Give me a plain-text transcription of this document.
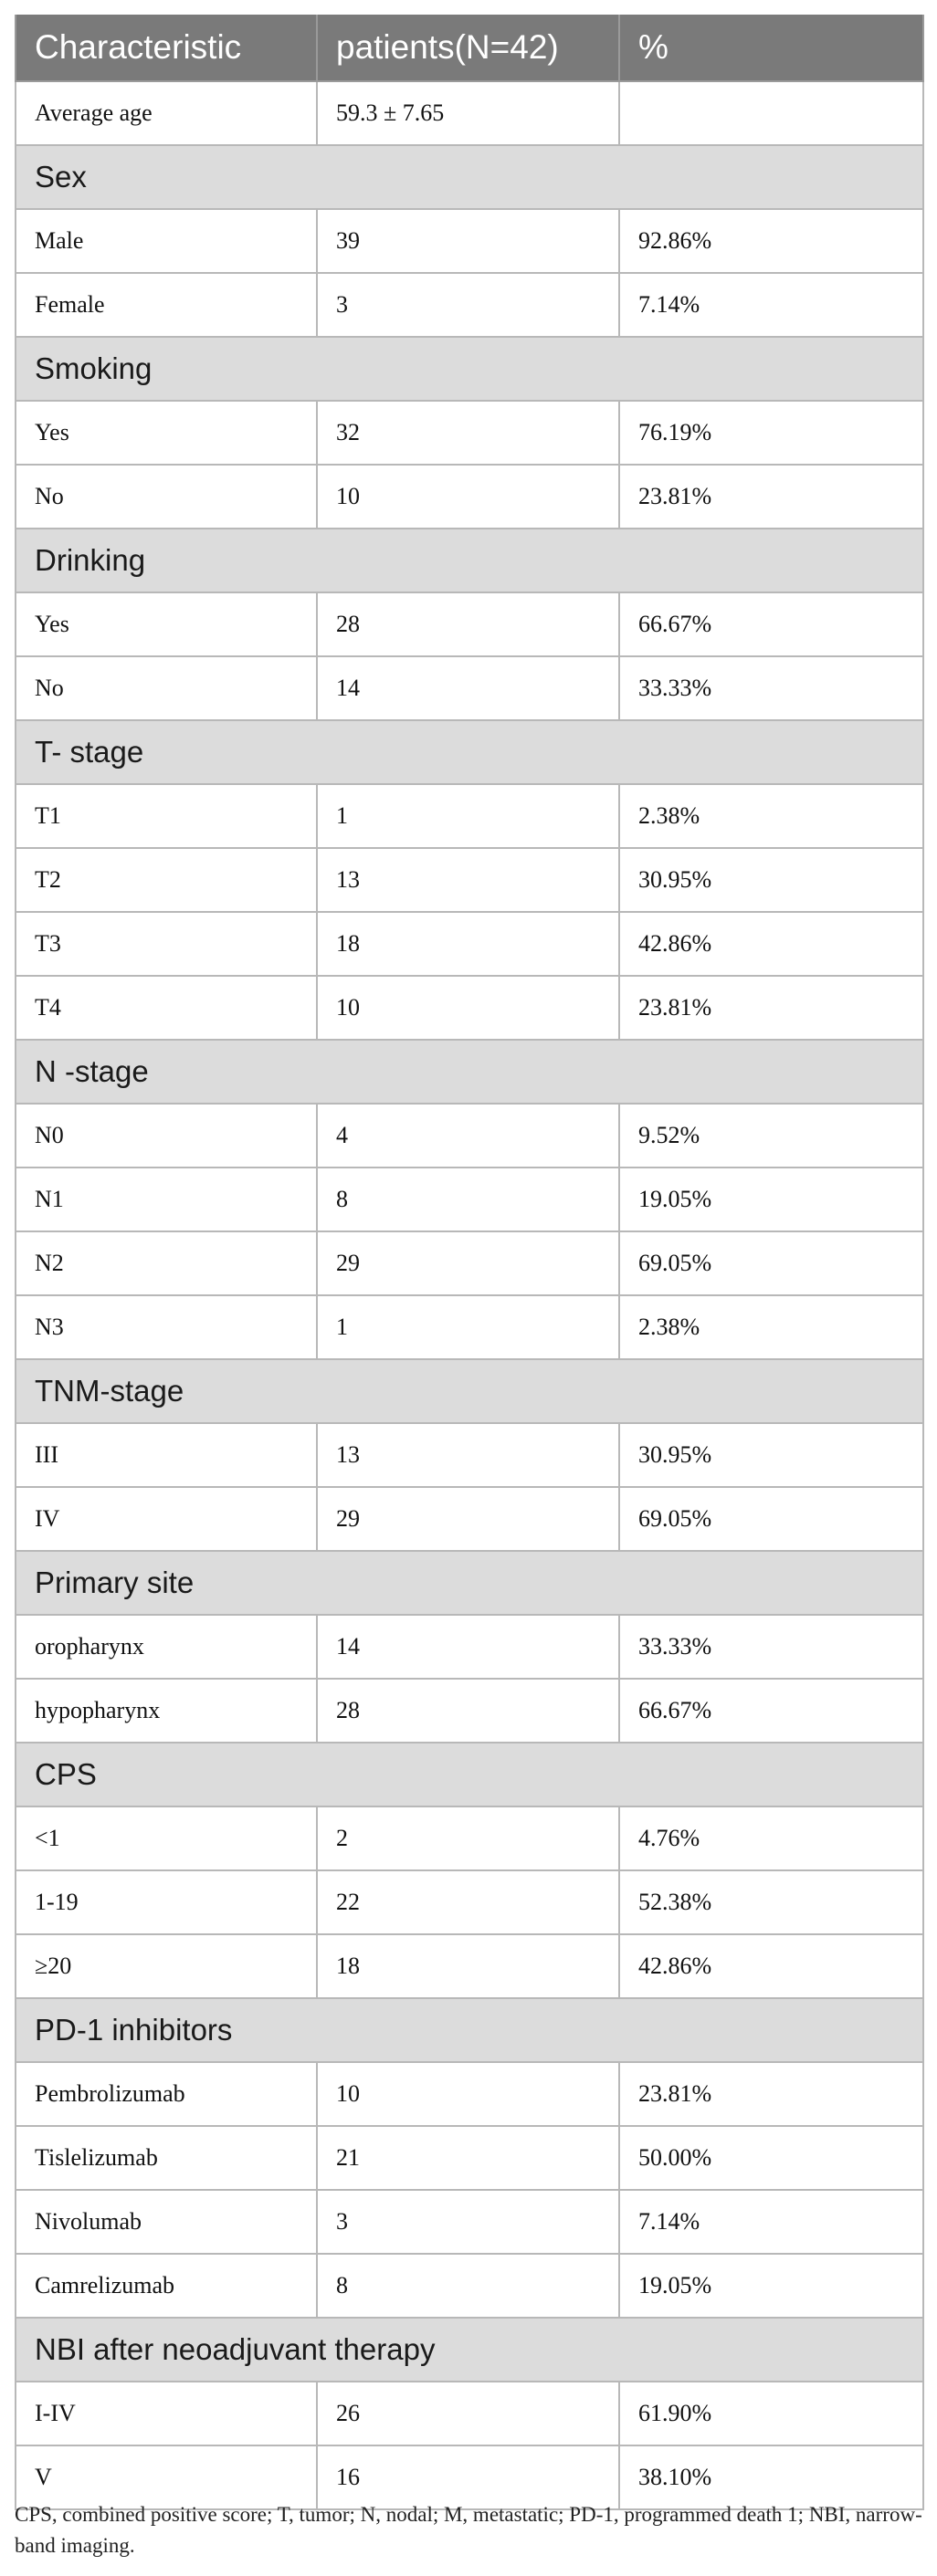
Characteristic	patients(N=42)	%
Average age	59.3 ± 7.65	
Sex		
Male	39	92.86%
Female	3	7.14%
Smoking		
Yes	32	76.19%
No	10	23.81%
Drinking		
Yes	28	66.67%
No	14	33.33%
T- stage		
T1	1	2.38%
T2	13	30.95%
T3	18	42.86%
T4	10	23.81%
N -stage		
N0	4	9.52%
N1	8	19.05%
N2	29	69.05%
N3	1	2.38%
TNM-stage		
III	13	30.95%
IV	29	69.05%
Primary site		
oropharynx	14	33.33%
hypopharynx	28	66.67%
CPS		
<1	2	4.76%
1-19	22	52.38%
≥20	18	42.86%
PD-1 inhibitors		
Pembrolizumab	10	23.81%
Tislelizumab	21	50.00%
Nivolumab	3	7.14%
Camrelizumab	8	19.05%
NBI after neoadjuvant therapy		
I-IV	26	61.90%
V	16	38.10%
CPS, combined positive score; T, tumor; N, nodal; M, metastatic; PD-1, programmed death 1; NBI, narrow-band imaging.
